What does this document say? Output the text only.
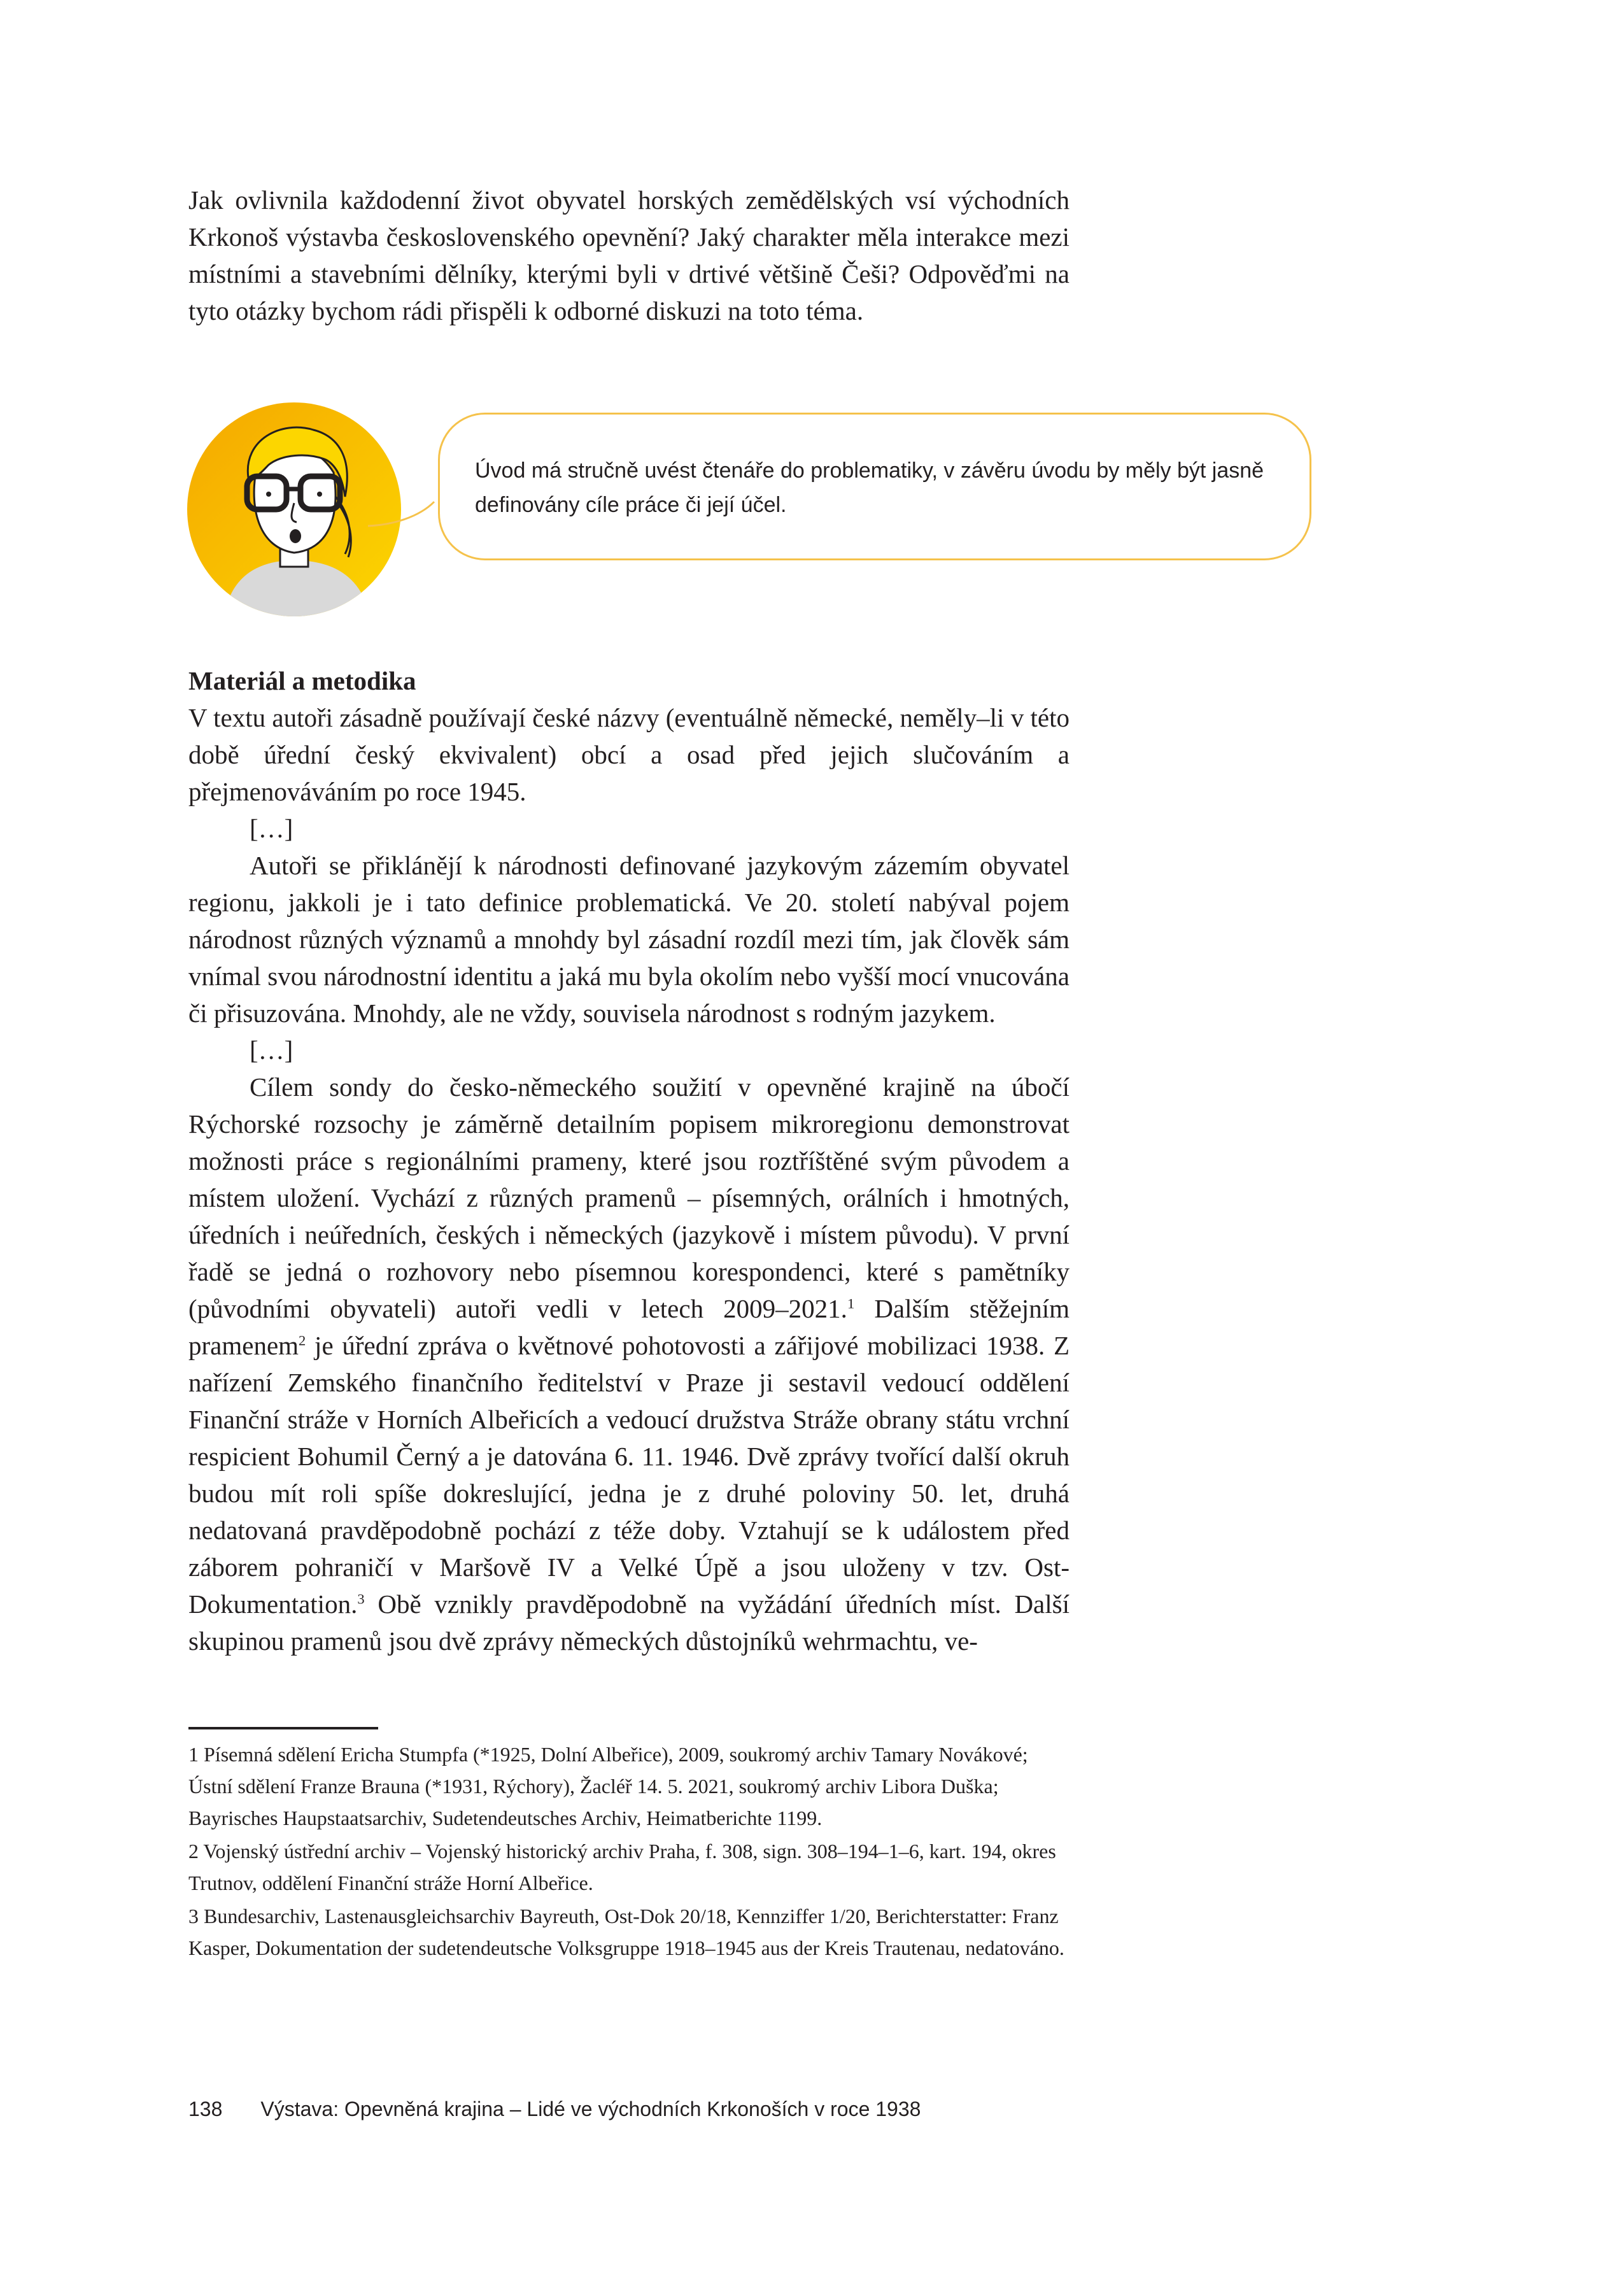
Jak ovlivnila každodenní život obyvatel horských zemědělských vsí východních Krkonoš výstavba československého opevnění? Jaký charakter měla interakce mezi místními a stavebními dělníky, kterými byli v drtivé většině Češi? Odpověďmi na tyto otázky bychom rádi přispěli k odborné diskuzi na toto téma.

Úvod má stručně uvést čtenáře do problematiky, v závěru úvodu by měly být jasně definovány cíle práce či její účel.
Materiál a metodika

V textu autoři zásadně používají české názvy (eventuálně německé, neměly–li v této době úřední český ekvivalent) obcí a osad před jejich slučováním a přejmenováváním po roce 1945.

[…]

Autoři se přiklánějí k národnosti definované jazykovým zázemím obyvatel regionu, jakkoli je i tato definice problematická. Ve 20. století nabýval pojem národnost různých významů a mnohdy byl zásadní rozdíl mezi tím, jak člověk sám vnímal svou národnostní identitu a jaká mu byla okolím nebo vyšší mocí vnucována či přisuzována. Mnohdy, ale ne vždy, souvisela národnost s rodným jazykem.

[…]

Cílem sondy do česko-německého soužití v opevněné krajině na úbočí Rýchorské rozsochy je záměrně detailním popisem mikroregionu demonstrovat možnosti práce s regionálními prameny, které jsou roztříštěné svým původem a místem uložení. Vychází z různých pramenů – písemných, orálních i hmotných, úředních i neúředních, českých i německých (jazykově i místem původu). V první řadě se jedná o rozhovory nebo písemnou korespondenci, které s pamětníky (původními obyvateli) autoři vedli v letech 2009–2021.$^1$ Dalším stěžejním pramenem$^2$ je úřední zpráva o květnové pohotovosti a zářijové mobilizaci 1938. Z nařízení Zemského finančního ředitelství v Praze ji sestavil vedoucí oddělení Finanční stráže v Horních Albeřicích a vedoucí družstva Stráže obrany státu vrchní respicient Bohumil Černý a je datována 6. 11. 1946. Dvě zprávy tvořící další okruh budou mít roli spíše dokreslující, jedna je z druhé poloviny 50. let, druhá nedatovaná pravděpodobně pochází z téže doby. Vztahují se k událostem před záborem pohraničí v Maršově IV a Velké Úpě a jsou uloženy v tzv. Ost-Dokumentation.$^3$ Obě vznikly pravděpodobně na vyžádání úředních míst. Další skupinou pramenů jsou dvě zprávy německých důstojníků wehrmachtu, ve-

1 Písemná sdělení Ericha Stumpfa (*1925, Dolní Albeřice), 2009, soukromý archiv Tamary Novákové; Ústní sdělení Franze Brauna (*1931, Rýchory), Žacléř 14. 5. 2021, soukromý archiv Libora Duška; Bayrisches Haupstaatsarchiv, Sudetendeutsches Archiv, Heimatberichte 1199.

2 Vojenský ústřední archiv – Vojenský historický archiv Praha, f. 308, sign. 308–194–1–6, kart. 194, okres Trutnov, oddělení Finanční stráže Horní Albeřice.

3 Bundesarchiv, Lastenausgleichsarchiv Bayreuth, Ost-Dok 20/18, Kennziffer 1/20, Berichterstatter: Franz Kasper, Dokumentation der sudetendeutsche Volksgruppe 1918–1945 aus der Kreis Trautenau, nedatováno.

138 Výstava: Opevněná krajina – Lidé ve východních Krkonoších v roce 1938
